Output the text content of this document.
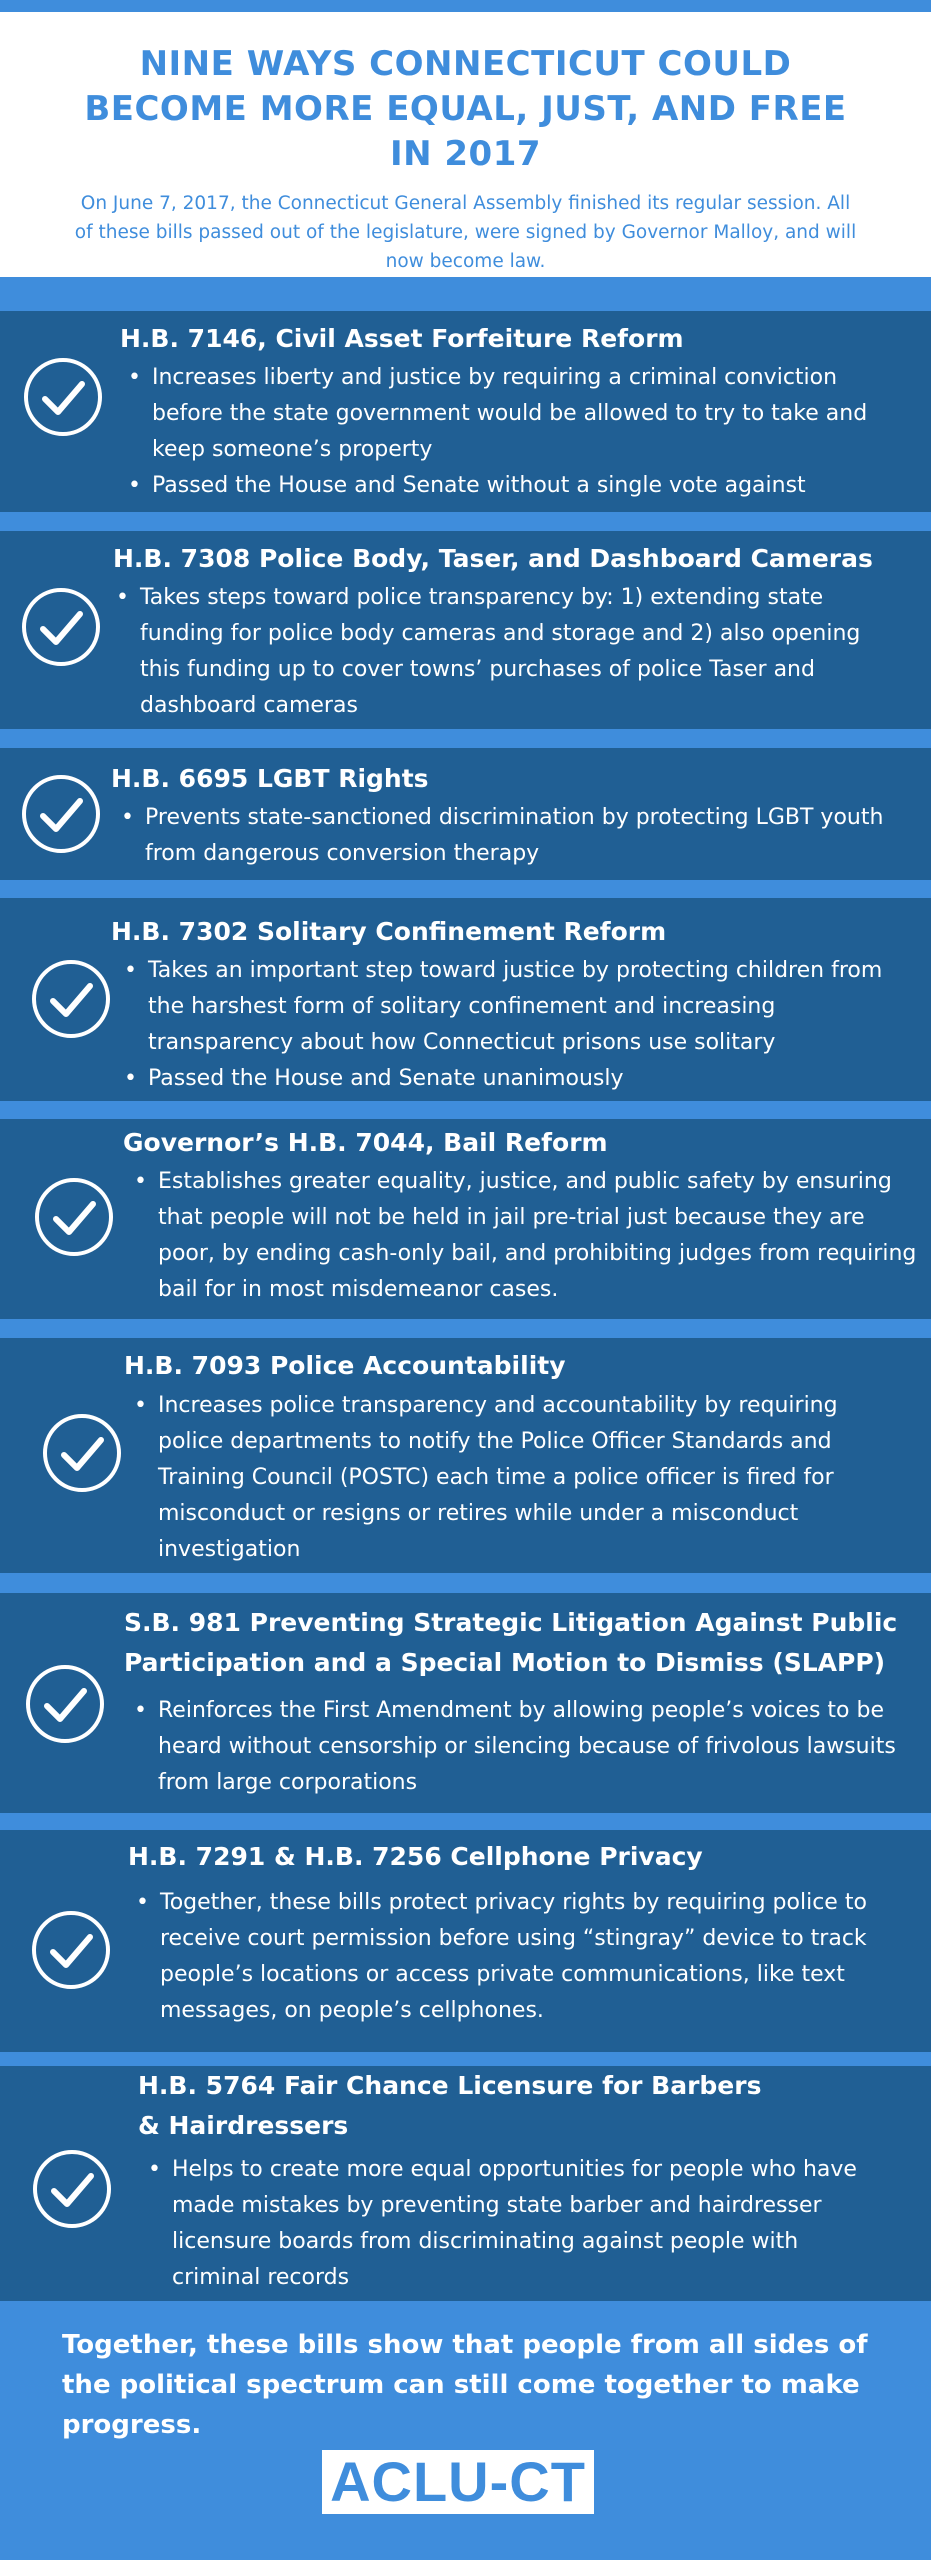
NINE WAYS CONNECTICUT COULD BECOME MORE EQUAL, JUST, AND FREE IN 2017

On June 7, 2017, the Connecticut General Assembly finished its regular session. All of these bills passed out of the legislature, were signed by Governor Malloy, and will now become law.

H.B. 7146, Civil Asset Forfeiture Reform
• Increases liberty and justice by requiring a criminal conviction before the state government would be allowed to try to take and keep someone’s property
• Passed the House and Senate without a single vote against
H.B. 7308 Police Body, Taser, and Dashboard Cameras
• Takes steps toward police transparency by: 1) extending state funding for police body cameras and storage and 2) also opening this funding up to cover towns’ purchases of police Taser and dashboard cameras
H.B. 6695 LGBT Rights
• Prevents state-sanctioned discrimination by protecting LGBT youth from dangerous conversion therapy
H.B. 7302 Solitary Confinement Reform
• Takes an important step toward justice by protecting children from the harshest form of solitary confinement and increasing transparency about how Connecticut prisons use solitary
• Passed the House and Senate unanimously
Governor’s H.B. 7044, Bail Reform
• Establishes greater equality, justice, and public safety by ensuring that people will not be held in jail pre-trial just because they are poor, by ending cash-only bail, and prohibiting judges from requiring bail for in most misdemeanor cases.
H.B. 7093 Police Accountability
• Increases police transparency and accountability by requiring police departments to notify the Police Officer Standards and Training Council (POSTC) each time a police officer is fired for misconduct or resigns or retires while under a misconduct investigation
S.B. 981 Preventing Strategic Litigation Against Public Participation and a Special Motion to Dismiss (SLAPP)
• Reinforces the First Amendment by allowing people’s voices to be heard without censorship or silencing because of frivolous lawsuits from large corporations
H.B. 7291 & H.B. 7256 Cellphone Privacy
• Together, these bills protect privacy rights by requiring police to receive court permission before using “stingray” device to track people’s locations or access private communications, like text messages, on people’s cellphones.
H.B. 5764 Fair Chance Licensure for Barbers & Hairdressers
• Helps to create more equal opportunities for people who have made mistakes by preventing state barber and hairdresser licensure boards from discriminating against people with criminal records
Together, these bills show that people from all sides of the political spectrum can still come together to make progress.
ACLU-CT
